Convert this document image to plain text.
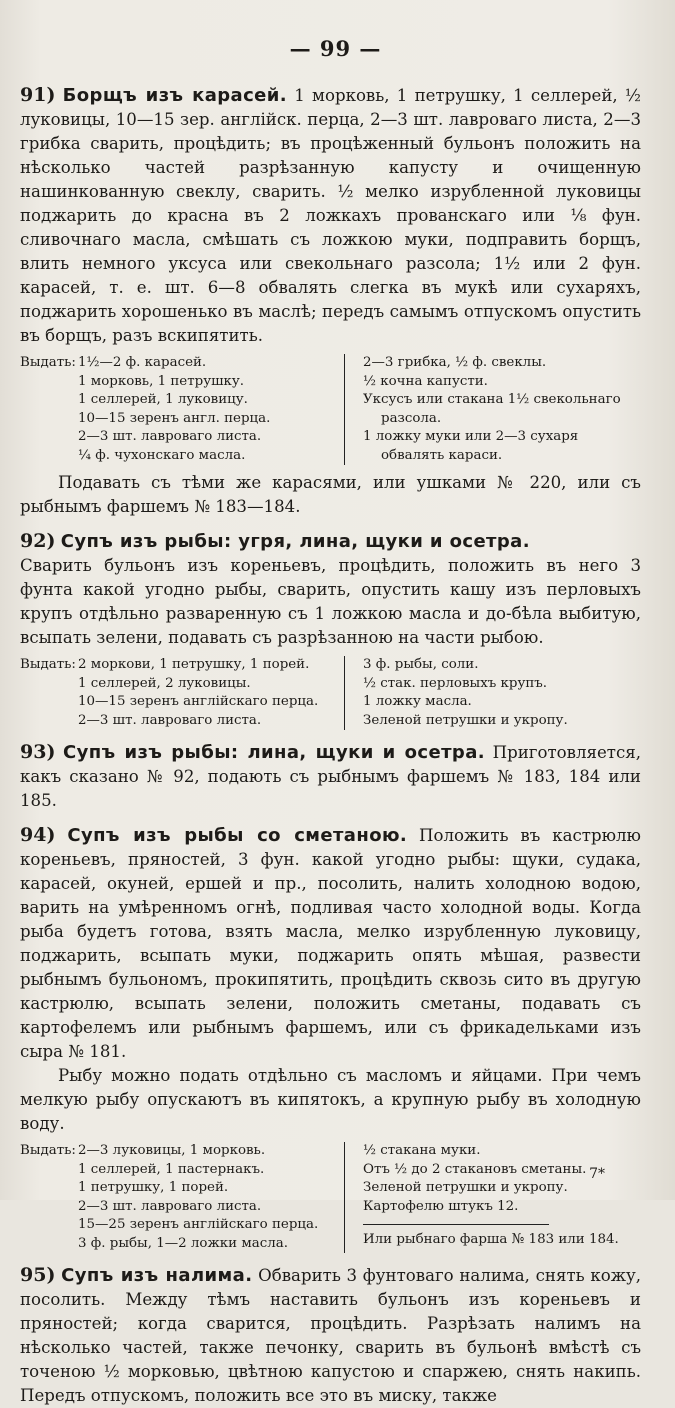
— 99 —
91) Борщъ изъ карасей. 1 морковь, 1 петрушку, 1 селлерей, ½ луковицы, 10—15 зер. англійск. перца, 2—3 шт. лавроваго листа, 2—3 грибка сварить, процѣдить; въ процѣженный бульонъ положить на нѣсколько частей разрѣзанную капусту и очищенную нашинкованную свеклу, сварить. ½ мелко изрубленной луковицы поджарить до красна въ 2 ложкахъ прованскаго или ⅛ фун. сливочнаго масла, смѣшать съ ложкою муки, подправить борщъ, влить немного уксуса или свекольнаго разсола; 1½ или 2 фун. карасей, т. е. шт. 6—8 обвалять слегка въ мукѣ или сухаряхъ, поджарить хорошенько въ маслѣ; передъ самымъ отпускомъ опустить въ борщъ, разъ вскипятить.
Выдать: 1½—2 ф. карасей.
1 морковь, 1 петрушку.
1 селлерей, 1 луковицу.
10—15 зеренъ англ. перца.
2—3 шт. лавроваго листа.
¼ ф. чухонскаго масла.
2—3 грибка, ½ ф. свеклы.
½ кочна капусти.
Уксусъ или стакана 1½ свекольнаго разсола.
1 ложку муки или 2—3 сухаря обвалять караси.
Подавать съ тѣми же карасями, или ушками № 220, или съ рыбнымъ фаршемъ № 183—184.
92) Супъ изъ рыбы: угря, лина, щуки и осетра.
Сварить бульонъ изъ кореньевъ, процѣдить, положить въ него 3 фунта какой угодно рыбы, сварить, опустить кашу изъ перловыхъ крупъ отдѣльно разваренную съ 1 ложкою масла и до-бѣла выбитую, всыпать зелени, подавать съ разрѣзанною на части рыбою.
Выдать: 2 моркови, 1 петрушку, 1 порей.
1 селлерей, 2 луковицы.
10—15 зеренъ англійскаго перца.
2—3 шт. лавроваго листа.
3 ф. рыбы, соли.
½ стак. перловыхъ крупъ.
1 ложку масла.
Зеленой петрушки и укропу.
93) Супъ изъ рыбы: лина, щуки и осетра. Приготовляется, какъ сказано № 92, подають съ рыбнымъ фаршемъ № 183, 184 или 185.
94) Супъ изъ рыбы со сметаною. Положить въ кастрюлю кореньевъ, пряностей, 3 фун. какой угодно рыбы: щуки, судака, карасей, окуней, ершей и пр., посолить, налить холодною водою, варить на умѣренномъ огнѣ, подливая часто холодной воды. Когда рыба будетъ готова, взять масла, мелко изрубленную луковицу, поджарить, всыпать муки, поджарить опять мѣшая, развести рыбнымъ бульономъ, прокипятить, процѣдить сквозь сито въ другую кастрюлю, всыпать зелени, положить сметаны, подавать съ картофелемъ или рыбнымъ фаршемъ, или съ фрикадельками изъ сыра № 181.
Рыбу можно подать отдѣльно съ масломъ и яйцами. При чемъ мелкую рыбу опускаютъ въ кипятокъ, а крупную рыбу въ холодную воду.
Выдать: 2—3 луковицы, 1 морковь.
1 селлерей, 1 пастернакъ.
1 петрушку, 1 порей.
2—3 шт. лавроваго листа.
15—25 зеренъ англійскаго перца.
3 ф. рыбы, 1—2 ложки масла.
½ стакана муки.
Отъ ½ до 2 стакановъ сметаны.
Зеленой петрушки и укропу.
Картофелю штукъ 12.
Или рыбнаго фарша № 183 или 184.
95) Супъ изъ налима. Обварить 3 фунтоваго налима, снять кожу, посолить. Между тѣмъ наставить бульонъ изъ кореньевъ и пряностей; когда сварится, процѣдить. Разрѣзать налимъ на нѣсколько частей, также печонку, сварить въ бульонѣ вмѣстѣ съ точеною ½ морковью, цвѣтною капустою и спаржею, снять накипь. Передъ отпускомъ, положить все это въ миску, также
7*
